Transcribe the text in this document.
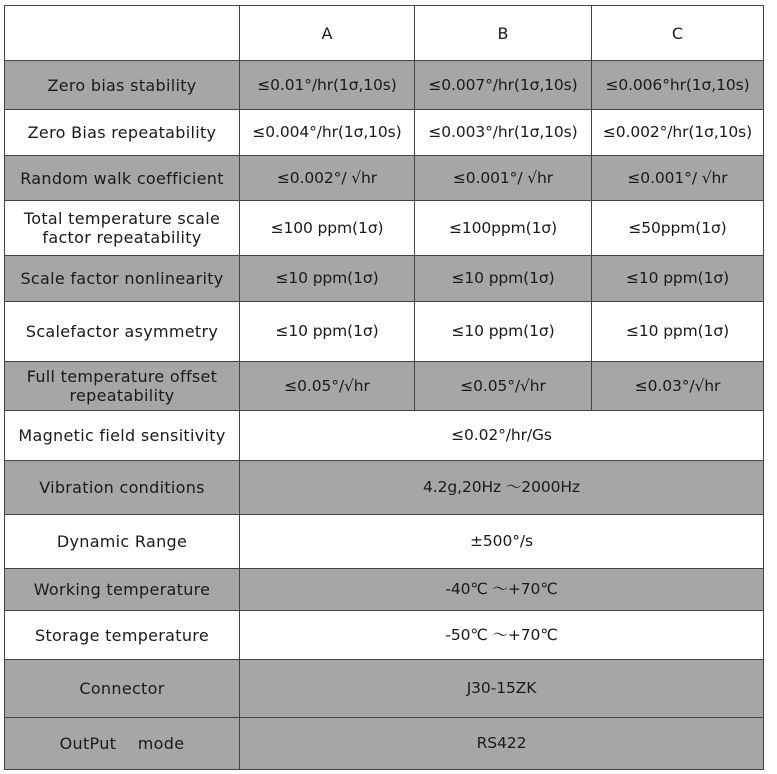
	A	B	C
Zero bias stability	≤0.01°/hr(1σ,10s)	≤0.007°/hr(1σ,10s)	≤0.006°hr(1σ,10s)
Zero Bias repeatability	≤0.004°/hr(1σ,10s)	≤0.003°/hr(1σ,10s)	≤0.002°/hr(1σ,10s)
Random walk coefficient	≤0.002°/ √hr	≤0.001°/ √hr	≤0.001°/ √hr
Total temperature scale factor repeatability	≤100 ppm(1σ)	≤100ppm(1σ)	≤50ppm(1σ)
Scale factor nonlinearity	≤10 ppm(1σ)	≤10 ppm(1σ)	≤10 ppm(1σ)
Scalefactor asymmetry	≤10 ppm(1σ)	≤10 ppm(1σ)	≤10 ppm(1σ)
Full temperature offset repeatability	≤0.05°/√hr	≤0.05°/√hr	≤0.03°/√hr
Magnetic field sensitivity	≤0.02°/hr/Gs		
Vibration conditions	4.2g,20Hz ～2000Hz		
Dynamic Range	±500°/s		
Working temperature	-40℃ ～+70℃		
Storage temperature	-50℃ ～+70℃		
Connector	J30-15ZK		
OutPut    mode	RS422		
